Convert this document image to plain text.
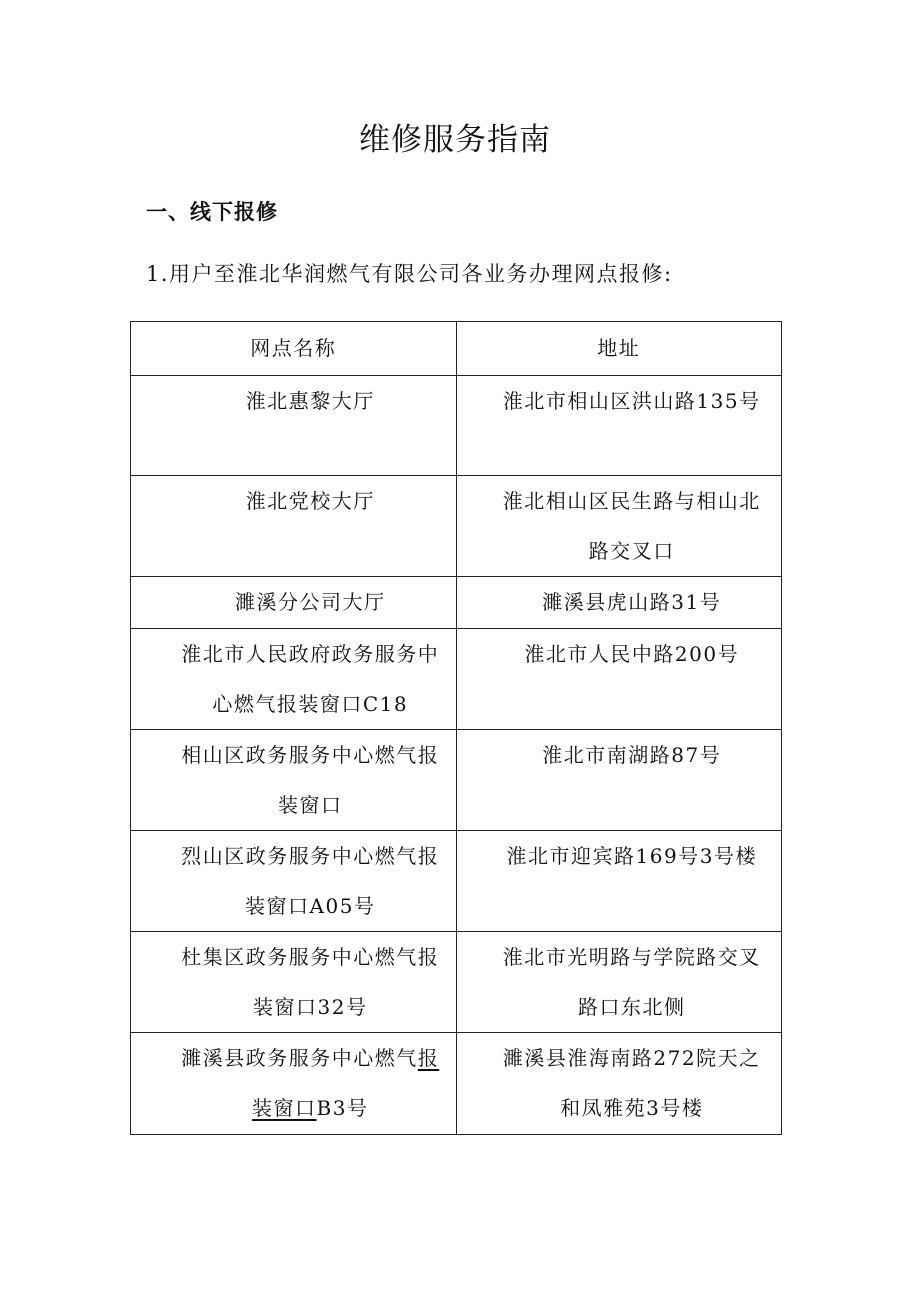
维修服务指南
一、线下报修

1.用户至淮北华润燃气有限公司各业务办理网点报修:

网点名称	地址

淮北惠黎大厅	淮北市相山区洪山路135号

淮北党校大厅	淮北相山区民生路与相山北路交叉口

濉溪分公司大厅	濉溪县虎山路31号

淮北市人民政府政务服务中心燃气报装窗口C18	淮北市人民中路200号

相山区政务服务中心燃气报装窗口	淮北市南湖路87号

烈山区政务服务中心燃气报装窗口A05号	淮北市迎宾路169号3号楼

杜集区政务服务中心燃气报装窗口32号	淮北市光明路与学院路交叉路口东北侧

濉溪县政务服务中心燃气报装窗口B3号	濉溪县淮海南路272院天之和凤雅苑3号楼
